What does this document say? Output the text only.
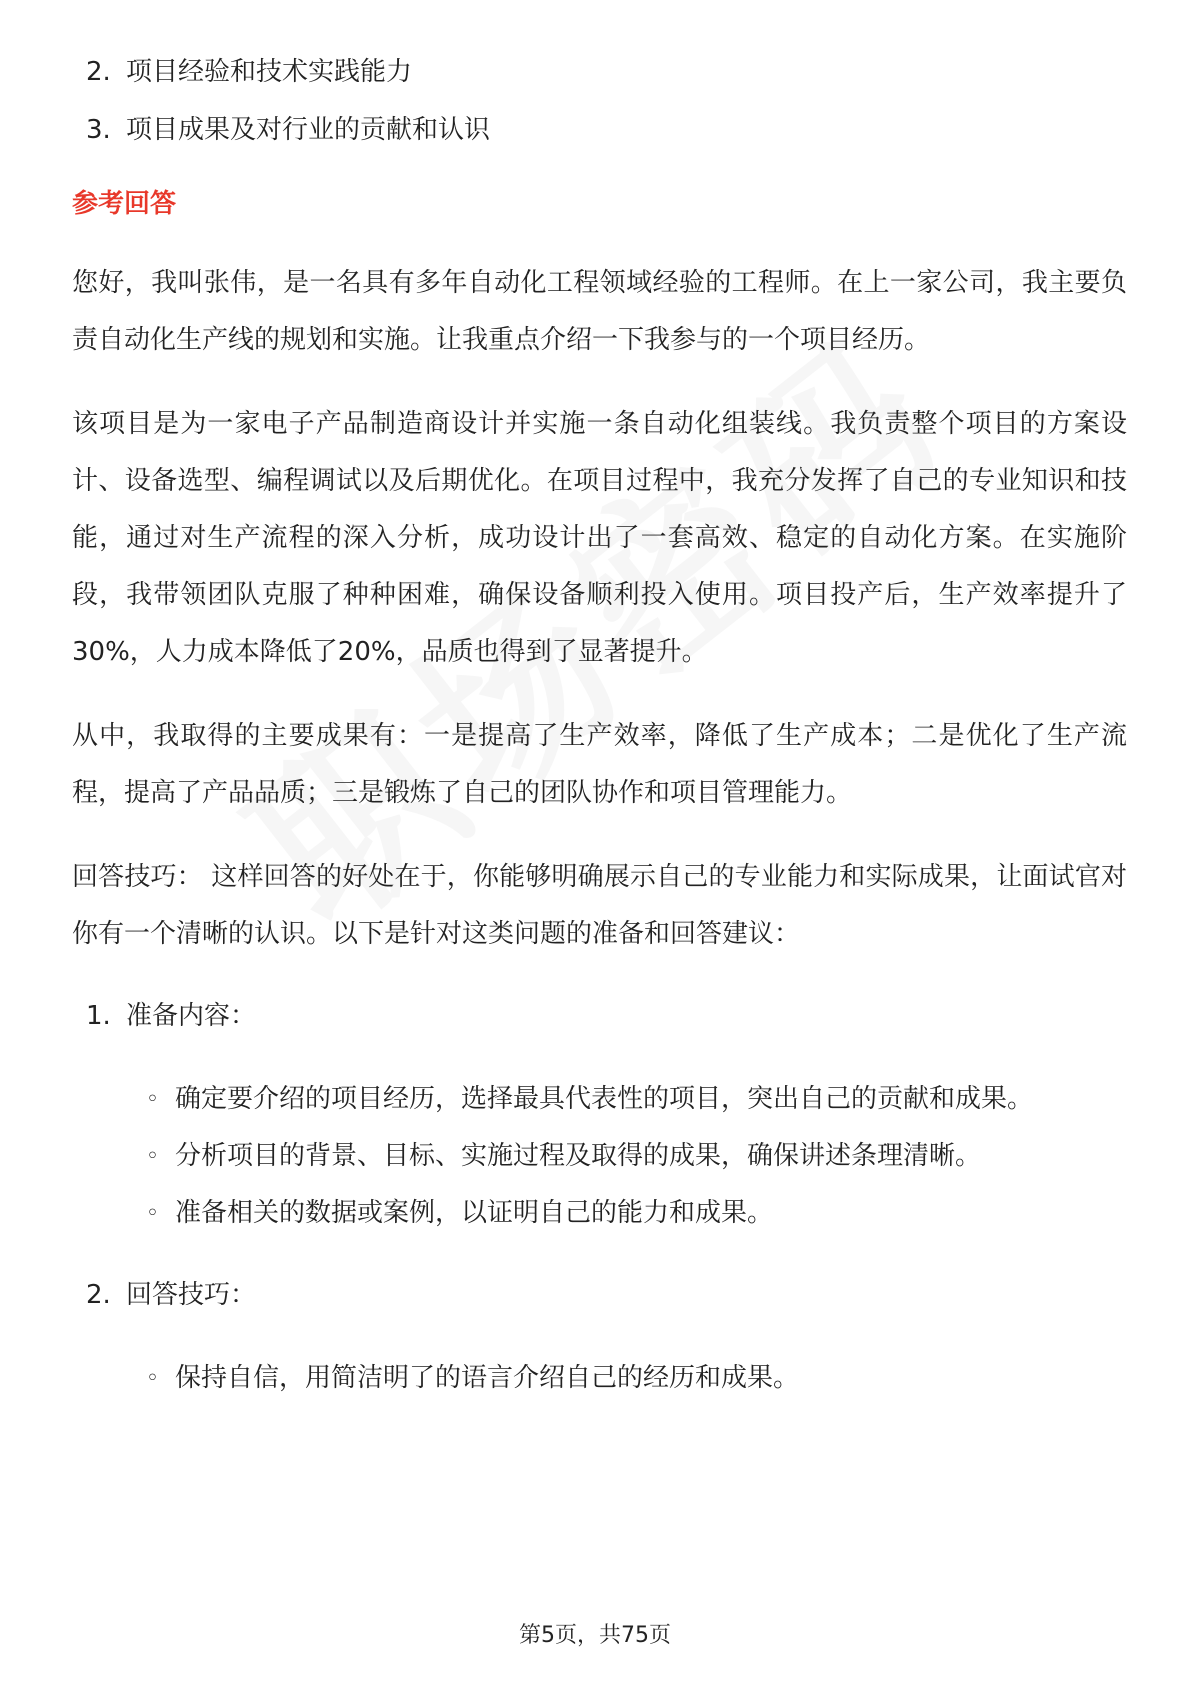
2. 项目经验和技术实践能力
3. 项目成果及对行业的贡献和认识
参考回答

您好，我叫张伟，是一名具有多年自动化工程领域经验的工程师。在上一家公司，我主要负责自动化生产线的规划和实施。让我重点介绍一下我参与的一个项目经历。

该项目是为一家电子产品制造商设计并实施一条自动化组装线。我负责整个项目的方案设计、设备选型、编程调试以及后期优化。在项目过程中，我充分发挥了自己的专业知识和技能，通过对生产流程的深入分析，成功设计出了一套高效、稳定的自动化方案。在实施阶段，我带领团队克服了种种困难，确保设备顺利投入使用。项目投产后，生产效率提升了30%，人力成本降低了20%，品质也得到了显著提升。

从中，我取得的主要成果有：一是提高了生产效率，降低了生产成本；二是优化了生产流程，提高了产品品质；三是锻炼了自己的团队协作和项目管理能力。

回答技巧： 这样回答的好处在于，你能够明确展示自己的专业能力和实际成果，让面试官对你有一个清晰的认识。以下是针对这类问题的准备和回答建议：

1. 准备内容：
◦ 确定要介绍的项目经历，选择最具代表性的项目，突出自己的贡献和成果。
◦ 分析项目的背景、目标、实施过程及取得的成果，确保讲述条理清晰。
◦ 准备相关的数据或案例，以证明自己的能力和成果。
2. 回答技巧：
◦ 保持自信，用简洁明了的语言介绍自己的经历和成果。
第5页，共75页
